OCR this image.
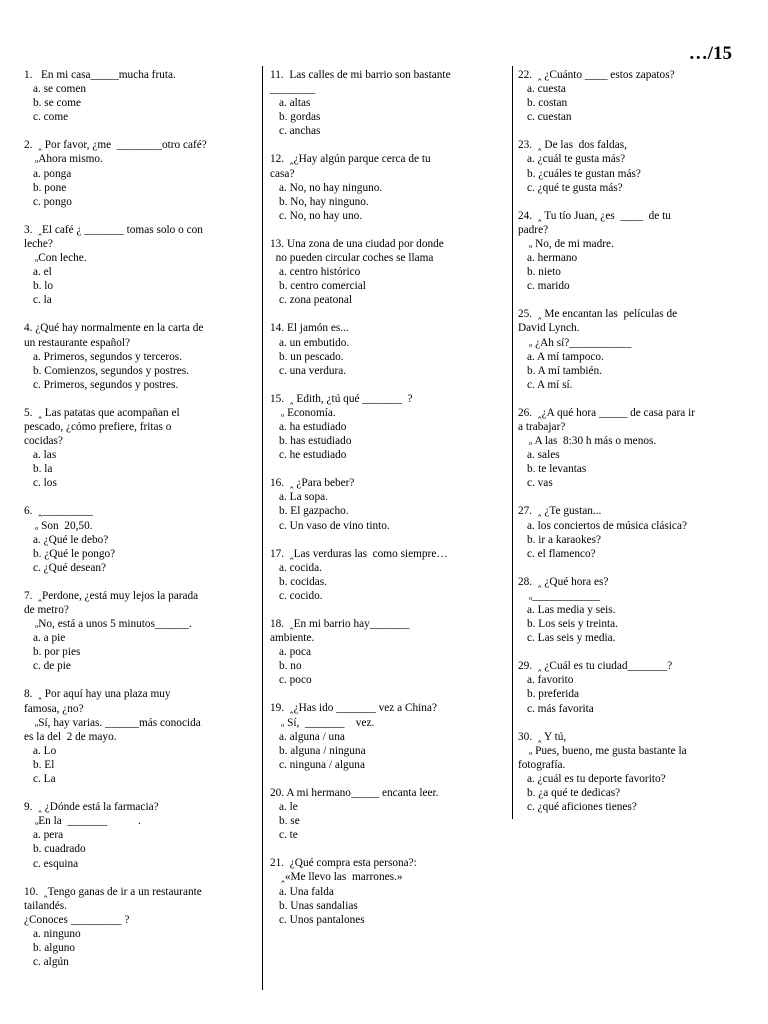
…/15
1.   En mi casa_____mucha fruta.
a. se comen
b. se come
c. come
2.  ‸ Por favor, ¿me  ________otro café?
ₒAhora mismo.
a. ponga
b. pone
c. pongo
3.  ‸El café ¿ _______ tomas solo o con
leche?
ₒCon leche.
a. el
b. lo
c. la
4. ¿Qué hay normalmente en la carta de
un restaurante español?
a. Primeros, segundos y terceros.
b. Comienzos, segundos y postres.
c. Primeros, segundos y postres.
5.  ‸ Las patatas que acompañan el
pescado, ¿cómo prefiere, fritas o
cocidas?
a. las
b. la
c. los
6.  ‸_________
ₒ Son  20,50.
a. ¿Qué le debo?
b. ¿Qué le pongo?
c. ¿Qué desean?
7.  ‸Perdone, ¿está muy lejos la parada
de metro?
ₒNo, está a unos 5 minutos______.
a. a pie
b. por pies
c. de pie
8.  ‸ Por aquí hay una plaza muy
famosa, ¿no?
ₒSí, hay varias. ______más conocida
es la del  2 de mayo.
a. Lo
b. El
c. La
9.  ‸ ¿Dónde está la farmacia?
ₒEn la  _______           .
a. pera
b. cuadrado
c. esquina
10.  ‸Tengo ganas de ir a un restaurante
tailandés.
¿Conoces _________ ?
a. ninguno
b. alguno
c. algún
11.  Las calles de mi barrio son bastante
________
a. altas
b. gordas
c. anchas
12.  ‸¿Hay algún parque cerca de tu
casa?
a. No, no hay ninguno.
b. No, hay ninguno.
c. No, no hay uno.
13. Una zona de una ciudad por donde
no pueden circular coches se llama
a. centro histórico
b. centro comercial
c. zona peatonal
14. El jamón es...
a. un embutido.
b. un pescado.
c. una verdura.
15.  ‸ Edith, ¿tú qué _______  ?
ₒ Economía.
a. ha estudiado
b. has estudiado
c. he estudiado
16.  ‸ ¿Para beber?
a. La sopa.
b. El gazpacho.
c. Un vaso de vino tinto.
17.  ‸Las verduras las  como siempre…
a. cocida.
b. cocidas.
c. cocido.
18.  ‸En mi barrio hay_______
ambiente.
a. poca
b. no
c. poco
19.  ‸¿Has ido _______ vez a China?
ₒ Sí,  _______    vez.
a. alguna / una
b. alguna / ninguna
c. ninguna / alguna
20. A mi hermano_____ encanta leer.
a. le
b. se
c. te
21.  ¿Qué compra esta persona?:
‸«Me llevo las  marrones.»
a. Una falda
b. Unas sandalias
c. Unos pantalones
22.  ‸ ¿Cuánto ____ estos zapatos?
a. cuesta
b. costan
c. cuestan
23.  ‸ De las  dos faldas,
a. ¿cuál te gusta más?
b. ¿cuáles te gustan más?
c. ¿qué te gusta más?
24.  ‸ Tu tío Juan, ¿es  ____  de tu
padre?
ₒ No, de mi madre.
a. hermano
b. nieto
c. marido
25.  ‸ Me encantan las  películas de
David Lynch.
ₒ ¿Ah sí?___________
a. A mí tampoco.
b. A mí también.
c. A mí sí.
26.  ‸¿A qué hora _____ de casa para ir
a trabajar?
ₒ A las  8:30 h más o menos.
a. sales
b. te levantas
c. vas
27.  ‸ ¿Te gustan...
a. los conciertos de música clásica?
b. ir a karaokes?
c. el flamenco?
28.  ‸ ¿Qué hora es?
ₒ____________
a. Las media y seis.
b. Los seis y treinta.
c. Las seis y media.
29.  ‸ ¿Cuál es tu ciudad_______?
a. favorito
b. preferida
c. más favorita
30.  ‸ Y tú,
ₒ Pues, bueno, me gusta bastante la
fotografía.
a. ¿cuál es tu deporte favorito?
b. ¿a qué te dedicas?
c. ¿qué aficiones tienes?
